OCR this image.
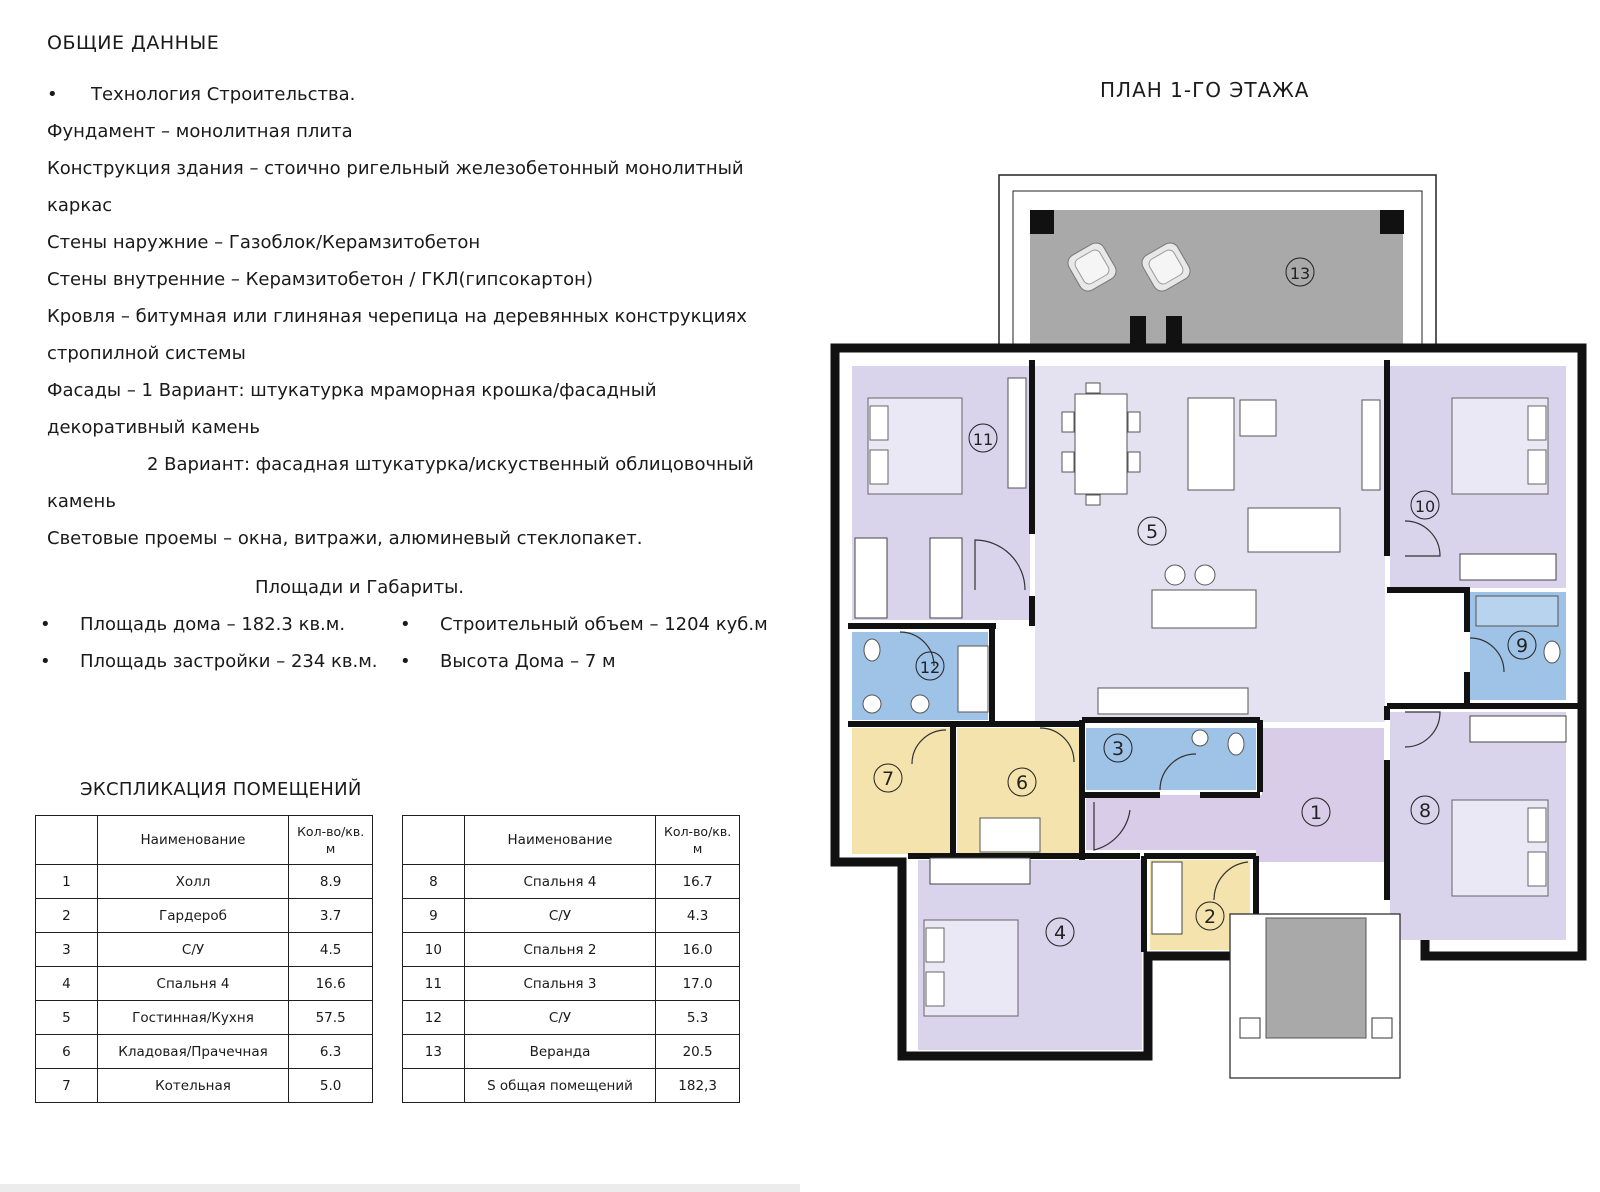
ОБЩИЕ ДАННЫЕ
• Технология Строительства.
Фундамент – монолитная плита
Конструкция здания – стоично ригельный железобетонный монолитный
каркас
Стены наружние – Газоблок/Керамзитобетон
Стены внутренние – Керамзитобетон / ГКЛ(гипсокартон)
Кровля – битумная или глиняная черепица на деревянных конструкциях
стропилной системы
Фасады – 1 Вариант: штукатурка мраморная крошка/фасадный
декоративный камень
2 Вариант: фасадная штукатурка/искуственный облицовочный
камень
Световые проемы – окна, витражи, алюминевый стеклопакет.
Площади и Габариты.
• Площадь дома – 182.3 кв.м.
• Площадь застройки – 234 кв.м.
• Строительный объем – 1204 куб.м
• Высота Дома – 7 м
ЭКСПЛИКАЦИЯ ПОМЕЩЕНИЙ
	Наименование	Кол-во/кв.
м

1	Холл	8.9
2	Гардероб	3.7
3	С/У	4.5
4	Спальня 4	16.6
5	Гостинная/Кухня	57.5
6	Кладовая/Прачечная	6.3
7	Котельная	5.0
	Наименование	Кол-во/кв.
м

8	Спальня 4	16.7
9	С/У	4.3
10	Спальня 2	16.0
11	Спальня 3	17.0
12	С/У	5.3
13	Веранда	20.5
	S общая помещений	182,3
ПЛАН 1-ГО ЭТАЖА
1
2
3
4
5
6
7
8
9
10
11
12
13
